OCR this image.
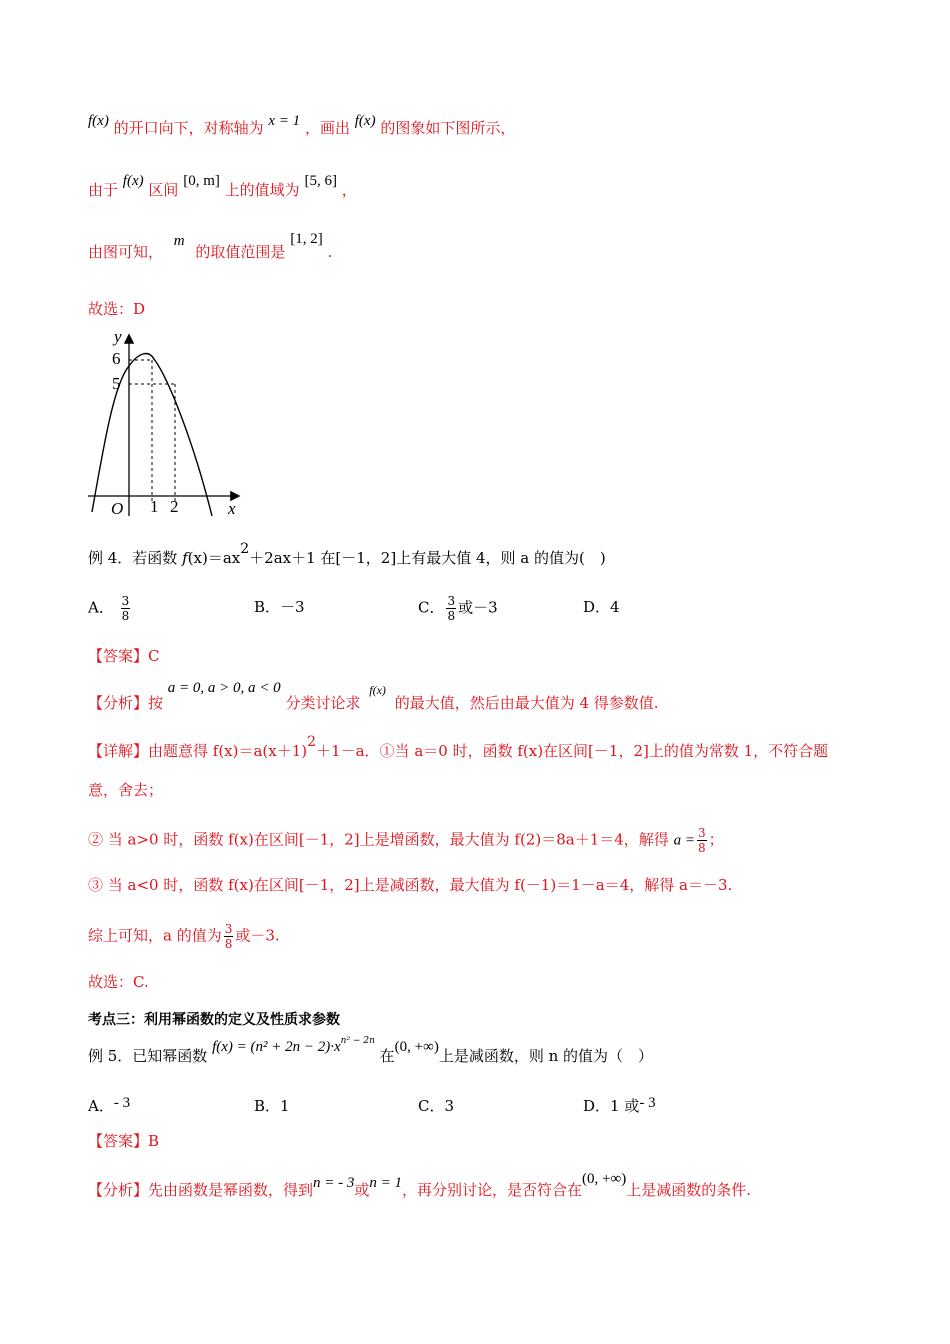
f(x) 的开口向下，对称轴为 x = 1 ，画出 f(x) 的图象如下图所示，
由于 f(x) 区间 [0, m] 上的值域为 [5, 6] ，
由图可知， m 的取值范围是 [1, 2] .
故选：D
y
6
5
O 1 2	x
例 4．若函数 f(x)＝ax2＋2ax＋1 在[－1，2]上有最大值 4，则 a 的值为(　)
A． $\frac{3}{8}$	B．－3	C． $\frac{3}{8}$ 或－3	D．4
【答案】C
【分析】按 a = 0, a > 0, a < 0 分类讨论求 $^{f(x)}$ 的最大值，然后由最大值为 4 得参数值.
【详解】由题意得 f(x)＝a(x＋1)2＋1－a．①当 a＝0 时，函数 f(x)在区间[－1，2]上的值为常数 1，不符合题
意，舍去；
② 当 a>0 时，函数 f(x)在区间[－1，2]上是增函数，最大值为 f(2)＝8a＋1＝4，解得 $a = \frac{3}{8}$ ；
③ 当 a<0 时，函数 f(x)在区间[－1，2]上是减函数，最大值为 f(－1)＝1－a＝4，解得 a＝－3.
综上可知，a 的值为 $\frac{3}{8}$ 或－3.
故选：C.
考点三：利用幂函数的定义及性质求参数
例 5．已知幂函数 $f(x) = (n^2 + 2n - 2)\cdot x^{n^2 - 2n}$ 在(0, +∞)上是减函数，则 n 的值为（　）
A．- 3	B．1	C．3	D．1 或- 3
【答案】B
【分析】先由函数是幂函数，得到n = - 3或n = 1，再分别讨论，是否符合在(0, +∞)上是减函数的条件.
